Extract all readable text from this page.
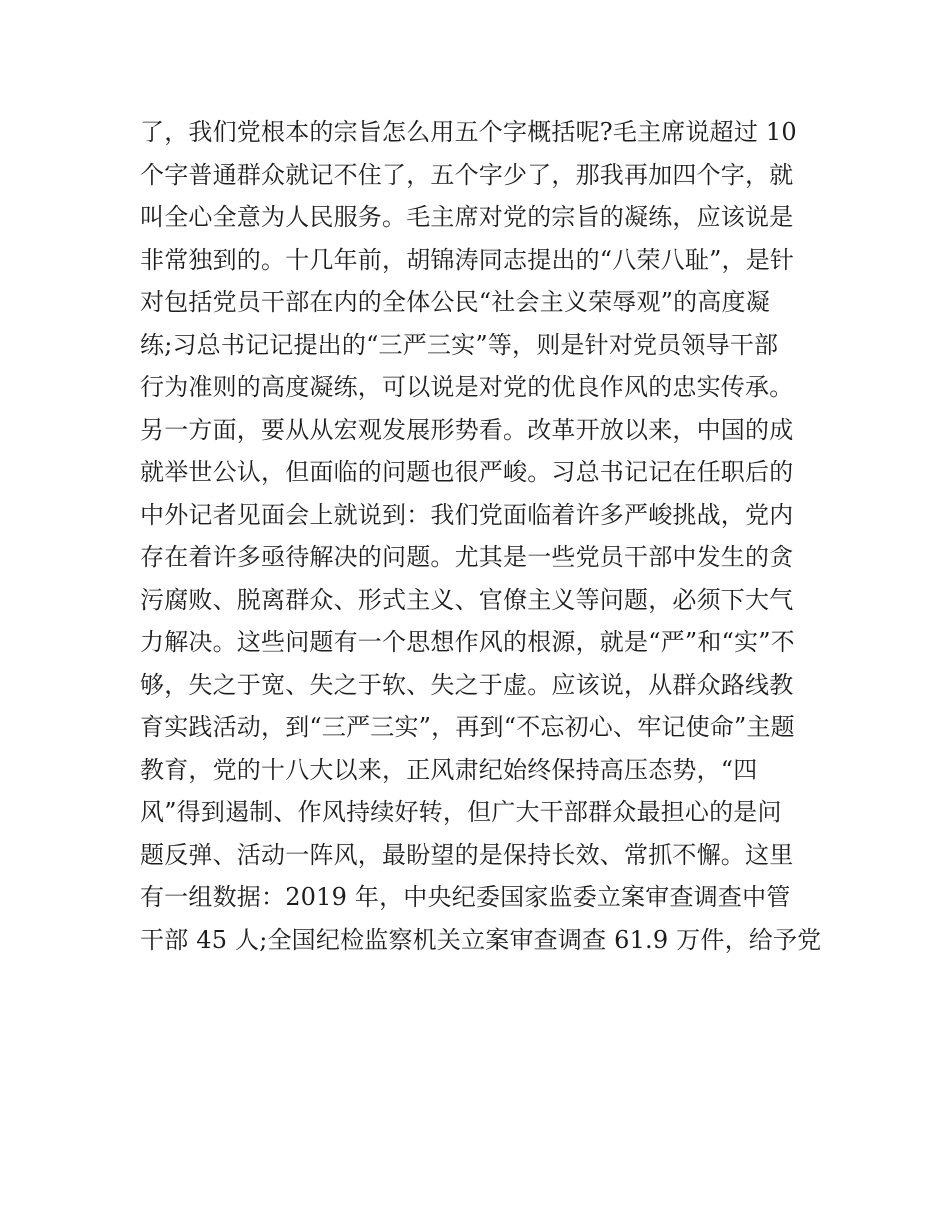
了，我们党根本的宗旨怎么用五个字概括呢?毛主席说超过 10
个字普通群众就记不住了，五个字少了，那我再加四个字，就
叫全心全意为人民服务。毛主席对党的宗旨的凝练，应该说是
非常独到的。十几年前，胡锦涛同志提出的“八荣八耻”，是针
对包括党员干部在内的全体公民“社会主义荣辱观”的高度凝
练;习总书记记提出的“三严三实”等，则是针对党员领导干部
行为准则的高度凝练，可以说是对党的优良作风的忠实传承。
另一方面，要从从宏观发展形势看。改革开放以来，中国的成
就举世公认，但面临的问题也很严峻。习总书记记在任职后的
中外记者见面会上就说到：我们党面临着许多严峻挑战，党内
存在着许多亟待解决的问题。尤其是一些党员干部中发生的贪
污腐败、脱离群众、形式主义、官僚主义等问题，必须下大气
力解决。这些问题有一个思想作风的根源，就是“严”和“实”不
够，失之于宽、失之于软、失之于虚。应该说，从群众路线教
育实践活动，到“三严三实”，再到“不忘初心、牢记使命”主题
教育，党的十八大以来，正风肃纪始终保持高压态势，“四
风”得到遏制、作风持续好转，但广大干部群众最担心的是问
题反弹、活动一阵风，最盼望的是保持长效、常抓不懈。这里
有一组数据：2019 年，中央纪委国家监委立案审查调查中管
干部 45 人;全国纪检监察机关立案审查调查 61.9 万件，给予党
